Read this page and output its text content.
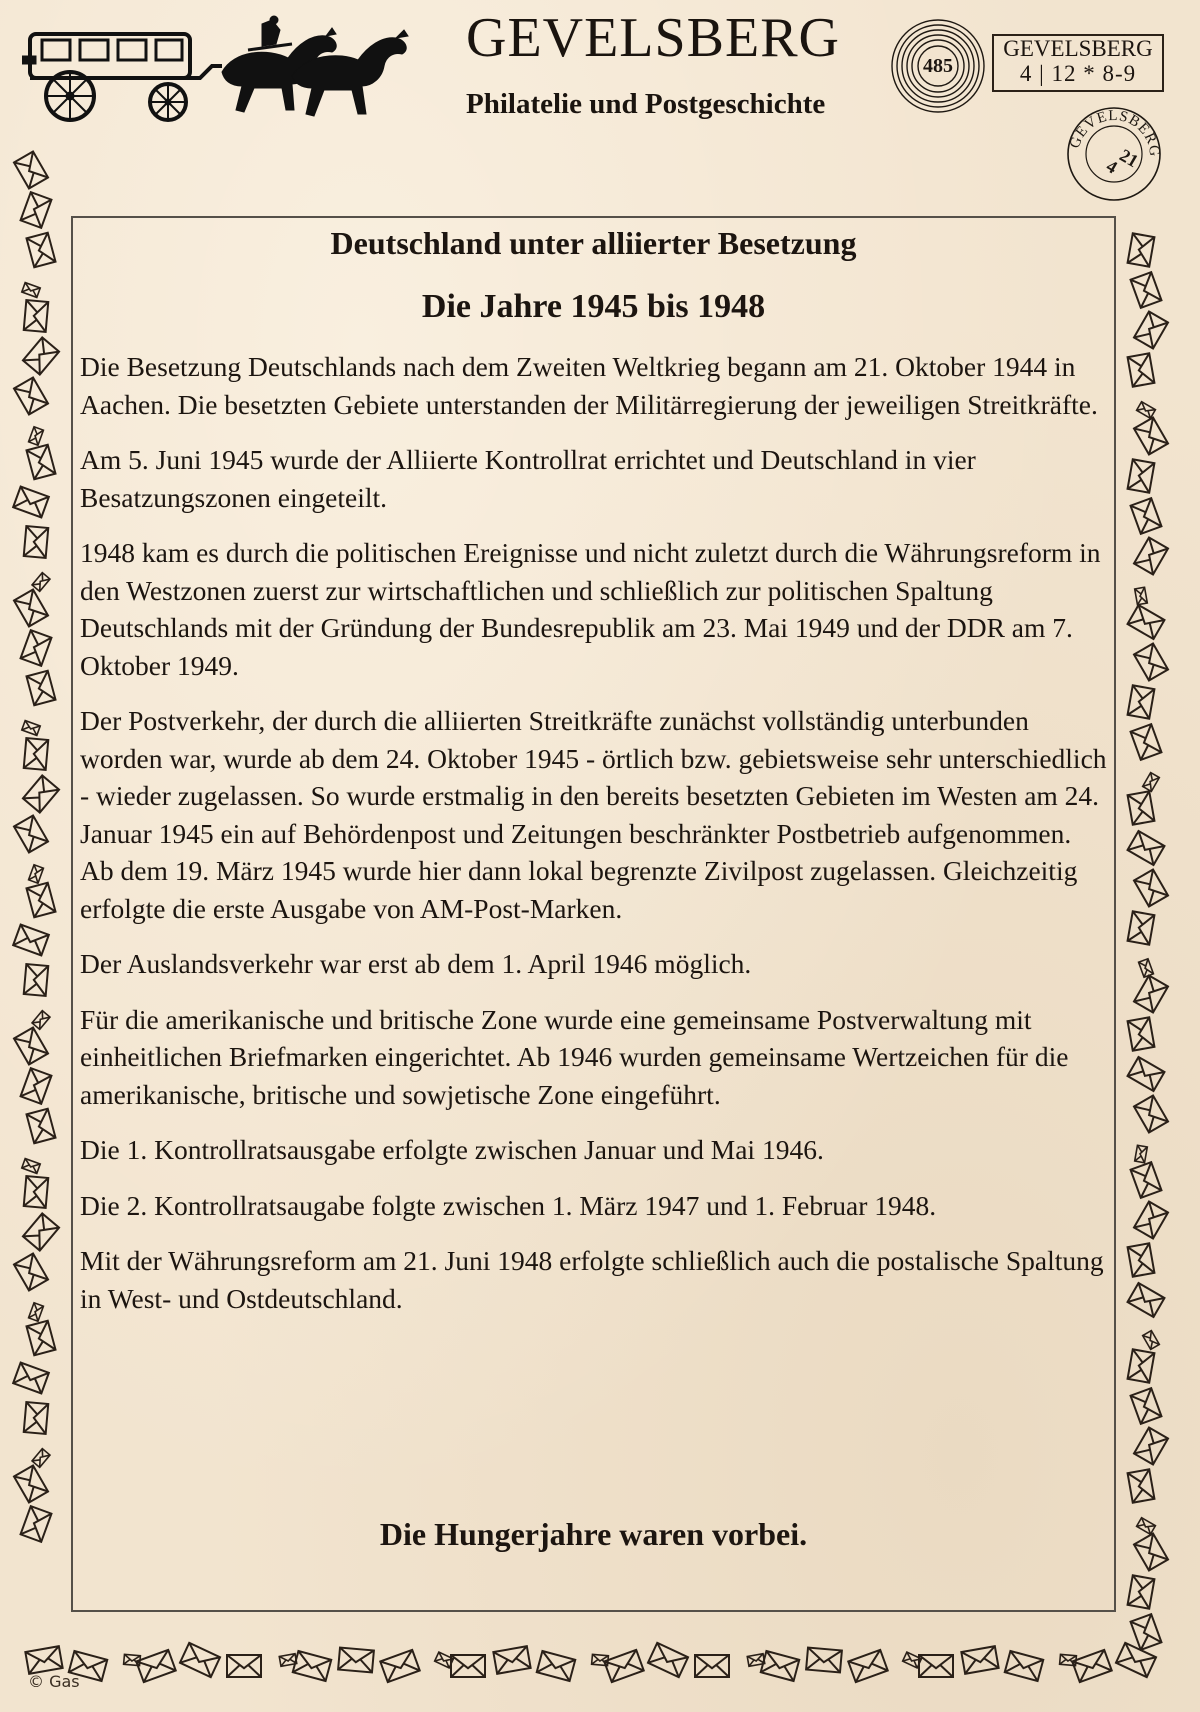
GEVELSBERG
Philatelie und Postgeschichte
485
GEVELSBERG
4 | 12 * 8-9
GEVELSBERG
21
4
Deutschland unter alliierter Besetzung
Die Jahre 1945 bis 1948

Die Besetzung Deutschlands nach dem Zweiten Weltkrieg begann am 21. Oktober 1944 in Aachen. Die besetzten Gebiete unterstanden der Militärregierung der jeweiligen Streitkräfte.

Am 5. Juni 1945 wurde der Alliierte Kontrollrat errichtet und Deutschland in vier Besatzungszonen eingeteilt.

1948 kam es durch die politischen Ereignisse und nicht zuletzt durch die Währungsreform in den Westzonen zuerst zur wirtschaftlichen und schließlich zur politischen Spaltung Deutschlands mit der Gründung der Bundesrepublik am 23. Mai 1949 und der DDR am 7. Oktober 1949.

Der Postverkehr, der durch die alliierten Streitkräfte zunächst vollständig unterbunden worden war, wurde ab dem 24. Oktober 1945 - örtlich bzw. gebietsweise sehr unterschiedlich - wieder zugelassen. So wurde erstmalig in den bereits besetzten Gebieten im Westen am 24. Januar 1945 ein auf Behördenpost und Zeitungen beschränkter Postbetrieb aufgenommen. Ab dem 19. März 1945 wurde hier dann lokal begrenzte Zivilpost zugelassen. Gleichzeitig erfolgte die erste Ausgabe von AM-Post-Marken.

Der Auslandsverkehr war erst ab dem 1. April 1946 möglich.

Für die amerikanische und britische Zone wurde eine gemeinsame Postverwaltung mit einheitlichen Briefmarken eingerichtet. Ab 1946 wurden gemeinsame Wertzeichen für die amerikanische, britische und sowjetische Zone eingeführt.

Die 1. Kontrollratsausgabe erfolgte zwischen Januar und Mai 1946.

Die 2. Kontrollratsaugabe folgte zwischen 1. März 1947 und 1. Februar 1948.

Mit der Währungsreform am 21. Juni 1948 erfolgte schließlich auch die postalische Spaltung in West- und Ostdeutschland.

Die Hungerjahre waren vorbei.
© Gas
